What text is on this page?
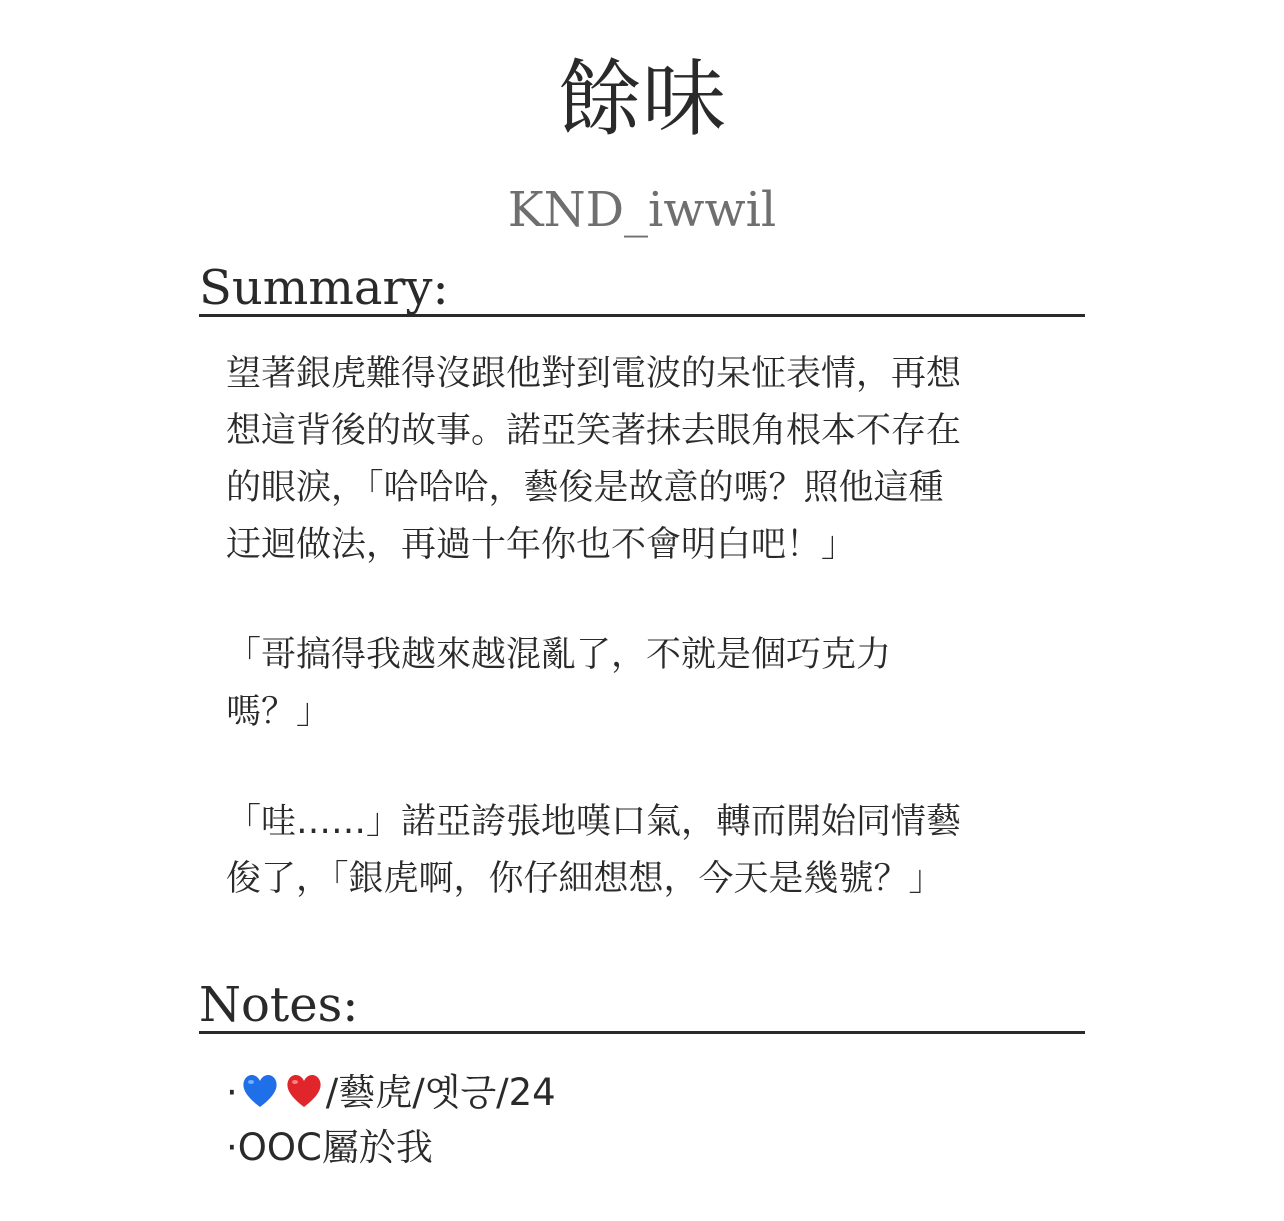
餘味
KND_iwwil
Summary:

望著銀虎難得沒跟他對到電波的呆怔表情，再想
想這背後的故事。諾亞笑著抹去眼角根本不存在
的眼淚，「哈哈哈，藝俊是故意的嗎？照他這種
迂迴做法，再過十年你也不會明白吧！」

「哥搞得我越來越混亂了，不就是個巧克力
嗎？」

「哇……」諾亞誇張地嘆口氣，轉而開始同情藝
俊了，「銀虎啊，你仔細想想，今天是幾號？」

Notes:

· /藝虎/옛긍/24

·OOC屬於我
